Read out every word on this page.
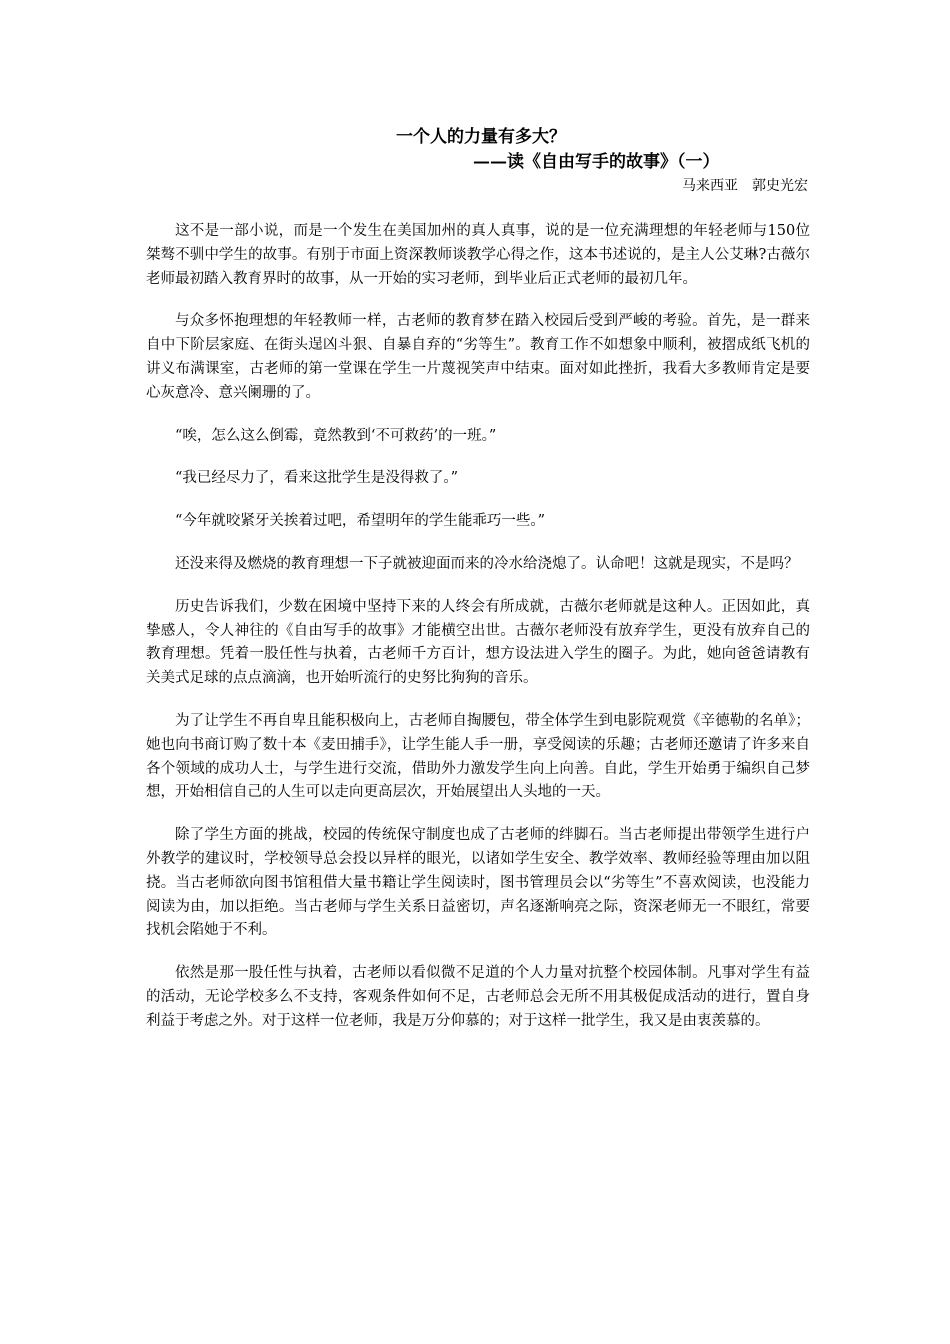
一个人的力量有多大？
——读《自由写手的故事》（一）
马来西亚　郭史光宏

这不是一部小说，而是一个发生在美国加州的真人真事，说的是一位充满理想的年轻老师与150位桀骜不驯中学生的故事。有别于市面上资深教师谈教学心得之作，这本书述说的，是主人公艾琳?古薇尔老师最初踏入教育界时的故事，从一开始的实习老师，到毕业后正式老师的最初几年。

与众多怀抱理想的年轻教师一样，古老师的教育梦在踏入校园后受到严峻的考验。首先，是一群来自中下阶层家庭、在街头逞凶斗狠、自暴自弃的“劣等生”。教育工作不如想象中顺利，被摺成纸飞机的讲义布满课室，古老师的第一堂课在学生一片蔑视笑声中结束。面对如此挫折，我看大多教师肯定是要心灰意冷、意兴阑珊的了。

“唉，怎么这么倒霉，竟然教到‘不可救药’的一班。”

“我已经尽力了，看来这批学生是没得救了。”

“今年就咬紧牙关挨着过吧，希望明年的学生能乖巧一些。”

还没来得及燃烧的教育理想一下子就被迎面而来的冷水给浇熄了。认命吧！这就是现实，不是吗？

历史告诉我们，少数在困境中坚持下来的人终会有所成就，古薇尔老师就是这种人。正因如此，真挚感人，令人神往的《自由写手的故事》才能横空出世。古薇尔老师没有放弃学生，更没有放弃自己的教育理想。凭着一股任性与执着，古老师千方百计，想方设法进入学生的圈子。为此，她向爸爸请教有关美式足球的点点滴滴，也开始听流行的史努比狗狗的音乐。

为了让学生不再自卑且能积极向上，古老师自掏腰包，带全体学生到电影院观赏《辛德勒的名单》；她也向书商订购了数十本《麦田捕手》，让学生能人手一册，享受阅读的乐趣；古老师还邀请了许多来自各个领域的成功人士，与学生进行交流，借助外力激发学生向上向善。自此，学生开始勇于编织自己梦想，开始相信自己的人生可以走向更高层次，开始展望出人头地的一天。

除了学生方面的挑战，校园的传统保守制度也成了古老师的绊脚石。当古老师提出带领学生进行户外教学的建议时，学校领导总会投以异样的眼光，以诸如学生安全、教学效率、教师经验等理由加以阻挠。当古老师欲向图书馆租借大量书籍让学生阅读时，图书管理员会以“劣等生”不喜欢阅读，也没能力阅读为由，加以拒绝。当古老师与学生关系日益密切，声名逐渐响亮之际，资深老师无一不眼红，常要找机会陷她于不利。

依然是那一股任性与执着，古老师以看似微不足道的个人力量对抗整个校园体制。凡事对学生有益的活动，无论学校多么不支持，客观条件如何不足，古老师总会无所不用其极促成活动的进行，置自身利益于考虑之外。对于这样一位老师，我是万分仰慕的；对于这样一批学生，我又是由衷羡慕的。
